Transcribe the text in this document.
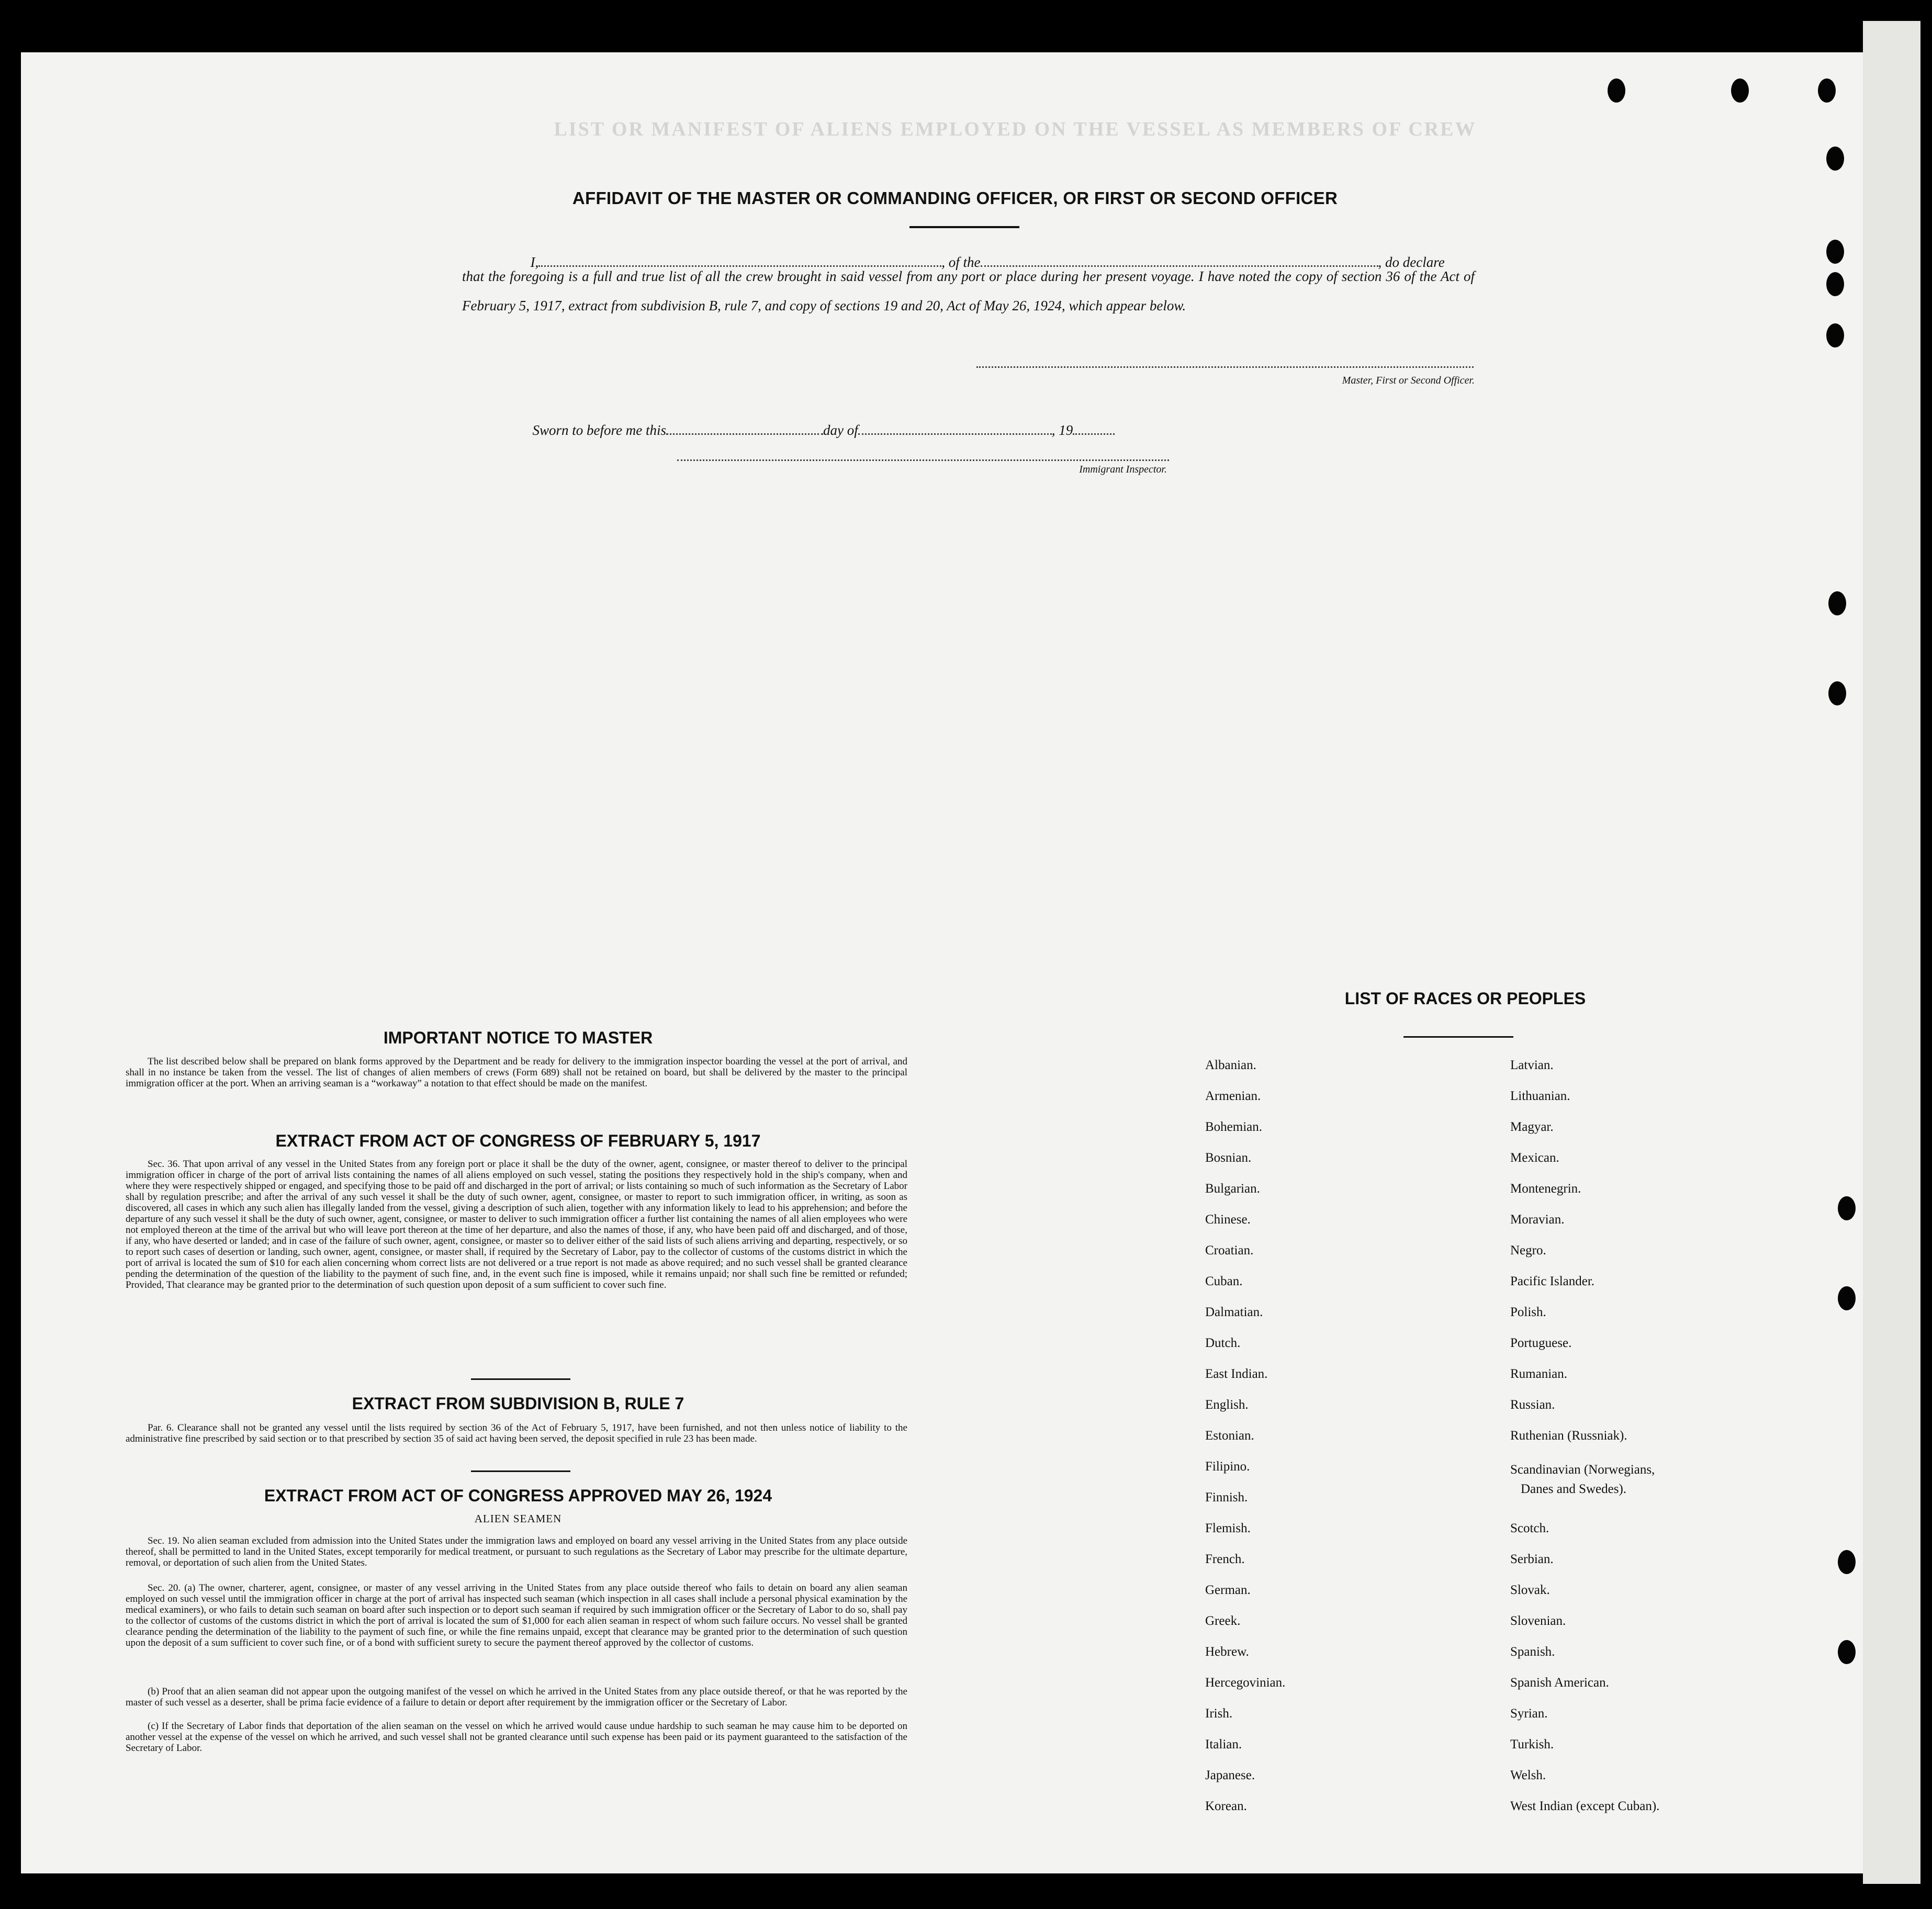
LIST OR MANIFEST OF ALIENS EMPLOYED ON THE VESSEL AS MEMBERS OF CREW
AFFIDAVIT OF THE MASTER OR COMMANDING OFFICER, OR FIRST OR SECOND OFFICER

I,	, of the	, do declare

that the foregoing is a full and true list of all the crew brought in said vessel from any port or place during her present voyage. I have noted the copy of section 36 of the Act of February 5, 1917, extract from subdivision B, rule 7, and copy of sections 19 and 20, Act of May 26, 1924, which appear below.
Master, First or Second Officer.

Sworn to before me this	day of	, 19

Immigrant Inspector.
IMPORTANT NOTICE TO MASTER
The list described below shall be prepared on blank forms approved by the Department and be ready for delivery to the immigration inspector boarding the vessel at the port of arrival, and shall in no instance be taken from the vessel. The list of changes of alien members of crews (Form 689) shall not be retained on board, but shall be delivered by the master to the principal immigration officer at the port. When an arriving seaman is a “workaway” a notation to that effect should be made on the manifest.
EXTRACT FROM ACT OF CONGRESS OF FEBRUARY 5, 1917
Sec. 36. That upon arrival of any vessel in the United States from any foreign port or place it shall be the duty of the owner, agent, consignee, or master thereof to deliver to the principal immigration officer in charge of the port of arrival lists containing the names of all aliens employed on such vessel, stating the positions they respectively hold in the ship's company, when and where they were respectively shipped or engaged, and specifying those to be paid off and discharged in the port of arrival; or lists containing so much of such information as the Secretary of Labor shall by regulation prescribe; and after the arrival of any such vessel it shall be the duty of such owner, agent, consignee, or master to report to such immigration officer, in writing, as soon as discovered, all cases in which any such alien has illegally landed from the vessel, giving a description of such alien, together with any information likely to lead to his apprehension; and before the departure of any such vessel it shall be the duty of such owner, agent, consignee, or master to deliver to such immigration officer a further list containing the names of all alien employees who were not employed thereon at the time of the arrival but who will leave port thereon at the time of her departure, and also the names of those, if any, who have been paid off and discharged, and of those, if any, who have deserted or landed; and in case of the failure of such owner, agent, consignee, or master so to deliver either of the said lists of such aliens arriving and departing, respectively, or so to report such cases of desertion or landing, such owner, agent, consignee, or master shall, if required by the Secretary of Labor, pay to the collector of customs of the customs district in which the port of arrival is located the sum of $10 for each alien concerning whom correct lists are not delivered or a true report is not made as above required; and no such vessel shall be granted clearance pending the determination of the question of the liability to the payment of such fine, and, in the event such fine is imposed, while it remains unpaid; nor shall such fine be remitted or refunded; Provided, That clearance may be granted prior to the determination of such question upon deposit of a sum sufficient to cover such fine.
EXTRACT FROM SUBDIVISION B, RULE 7
Par. 6. Clearance shall not be granted any vessel until the lists required by section 36 of the Act of February 5, 1917, have been furnished, and not then unless notice of liability to the administrative fine prescribed by said section or to that prescribed by section 35 of said act having been served, the deposit specified in rule 23 has been made.
EXTRACT FROM ACT OF CONGRESS APPROVED MAY 26, 1924
ALIEN SEAMEN
Sec. 19. No alien seaman excluded from admission into the United States under the immigration laws and employed on board any vessel arriving in the United States from any place outside thereof, shall be permitted to land in the United States, except temporarily for medical treatment, or pursuant to such regulations as the Secretary of Labor may prescribe for the ultimate departure, removal, or deportation of such alien from the United States.
Sec. 20. (a) The owner, charterer, agent, consignee, or master of any vessel arriving in the United States from any place outside thereof who fails to detain on board any alien seaman employed on such vessel until the immigration officer in charge at the port of arrival has inspected such seaman (which inspection in all cases shall include a personal physical examination by the medical examiners), or who fails to detain such seaman on board after such inspection or to deport such seaman if required by such immigration officer or the Secretary of Labor to do so, shall pay to the collector of customs of the customs district in which the port of arrival is located the sum of $1,000 for each alien seaman in respect of whom such failure occurs. No vessel shall be granted clearance pending the determination of the liability to the payment of such fine, or while the fine remains unpaid, except that clearance may be granted prior to the determination of such question upon the deposit of a sum sufficient to cover such fine, or of a bond with sufficient surety to secure the payment thereof approved by the collector of customs.
(b) Proof that an alien seaman did not appear upon the outgoing manifest of the vessel on which he arrived in the United States from any place outside thereof, or that he was reported by the master of such vessel as a deserter, shall be prima facie evidence of a failure to detain or deport after requirement by the immigration officer or the Secretary of Labor.
(c) If the Secretary of Labor finds that deportation of the alien seaman on the vessel on which he arrived would cause undue hardship to such seaman he may cause him to be deported on another vessel at the expense of the vessel on which he arrived, and such vessel shall not be granted clearance until such expense has been paid or its payment guaranteed to the satisfaction of the Secretary of Labor.
LIST OF RACES OR PEOPLES
Albanian.
Armenian.
Bohemian.
Bosnian.
Bulgarian.
Chinese.
Croatian.
Cuban.
Dalmatian.
Dutch.
East Indian.
English.
Estonian.
Filipino.
Finnish.
Flemish.
French.
German.
Greek.
Hebrew.
Hercegovinian.
Irish.
Italian.
Japanese.
Korean.
Latvian.
Lithuanian.
Magyar.
Mexican.
Montenegrin.
Moravian.
Negro.
Pacific Islander.
Polish.
Portuguese.
Rumanian.
Russian.
Ruthenian (Russniak).
Scandinavian (Norwegians,
Danes and Swedes).
Scotch.
Serbian.
Slovak.
Slovenian.
Spanish.
Spanish American.
Syrian.
Turkish.
Welsh.
West Indian (except Cuban).
